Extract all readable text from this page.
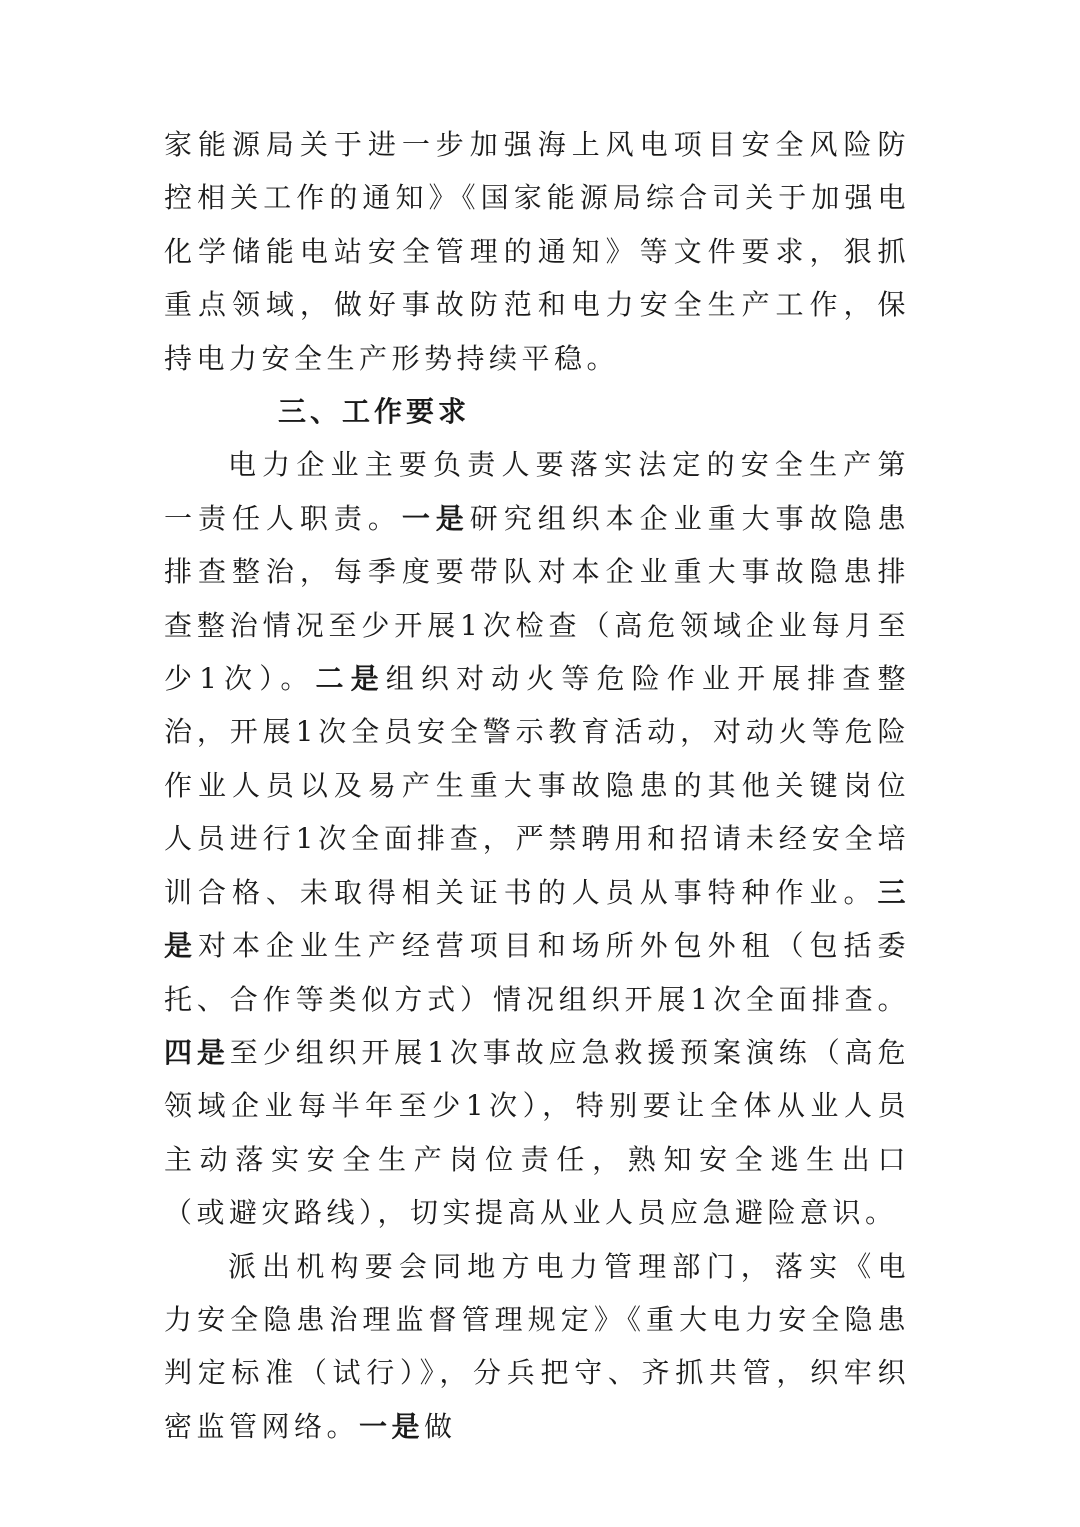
家能源局关于进一步加强海上风电项目安全风险防控相关工作的通知》《国家能源局综合司关于加强电化学储能电站安全管理的通知》等文件要求，狠抓重点领域，做好事故防范和电力安全生产工作，保持电力安全生产形势持续平稳。

三、工作要求

电力企业主要负责人要落实法定的安全生产第一责任人职责。一是研究组织本企业重大事故隐患排查整治，每季度要带队对本企业重大事故隐患排查整治情况至少开展1次检查（高危领域企业每月至少1次）。二是组织对动火等危险作业开展排查整治，开展1次全员安全警示教育活动，对动火等危险作业人员以及易产生重大事故隐患的其他关键岗位人员进行1次全面排查，严禁聘用和招请未经安全培训合格、未取得相关证书的人员从事特种作业。三是对本企业生产经营项目和场所外包外租（包括委托、合作等类似方式）情况组织开展1次全面排查。四是至少组织开展1次事故应急救援预案演练（高危领域企业每半年至少1次），特别要让全体从业人员主动落实安全生产岗位责任，熟知安全逃生出口（或避灾路线），切实提高从业人员应急避险意识。

派出机构要会同地方电力管理部门，落实《电力安全隐患治理监督管理规定》《重大电力安全隐患判定标准（试行）》，分兵把守、齐抓共管，织牢织密监管网络。一是做
